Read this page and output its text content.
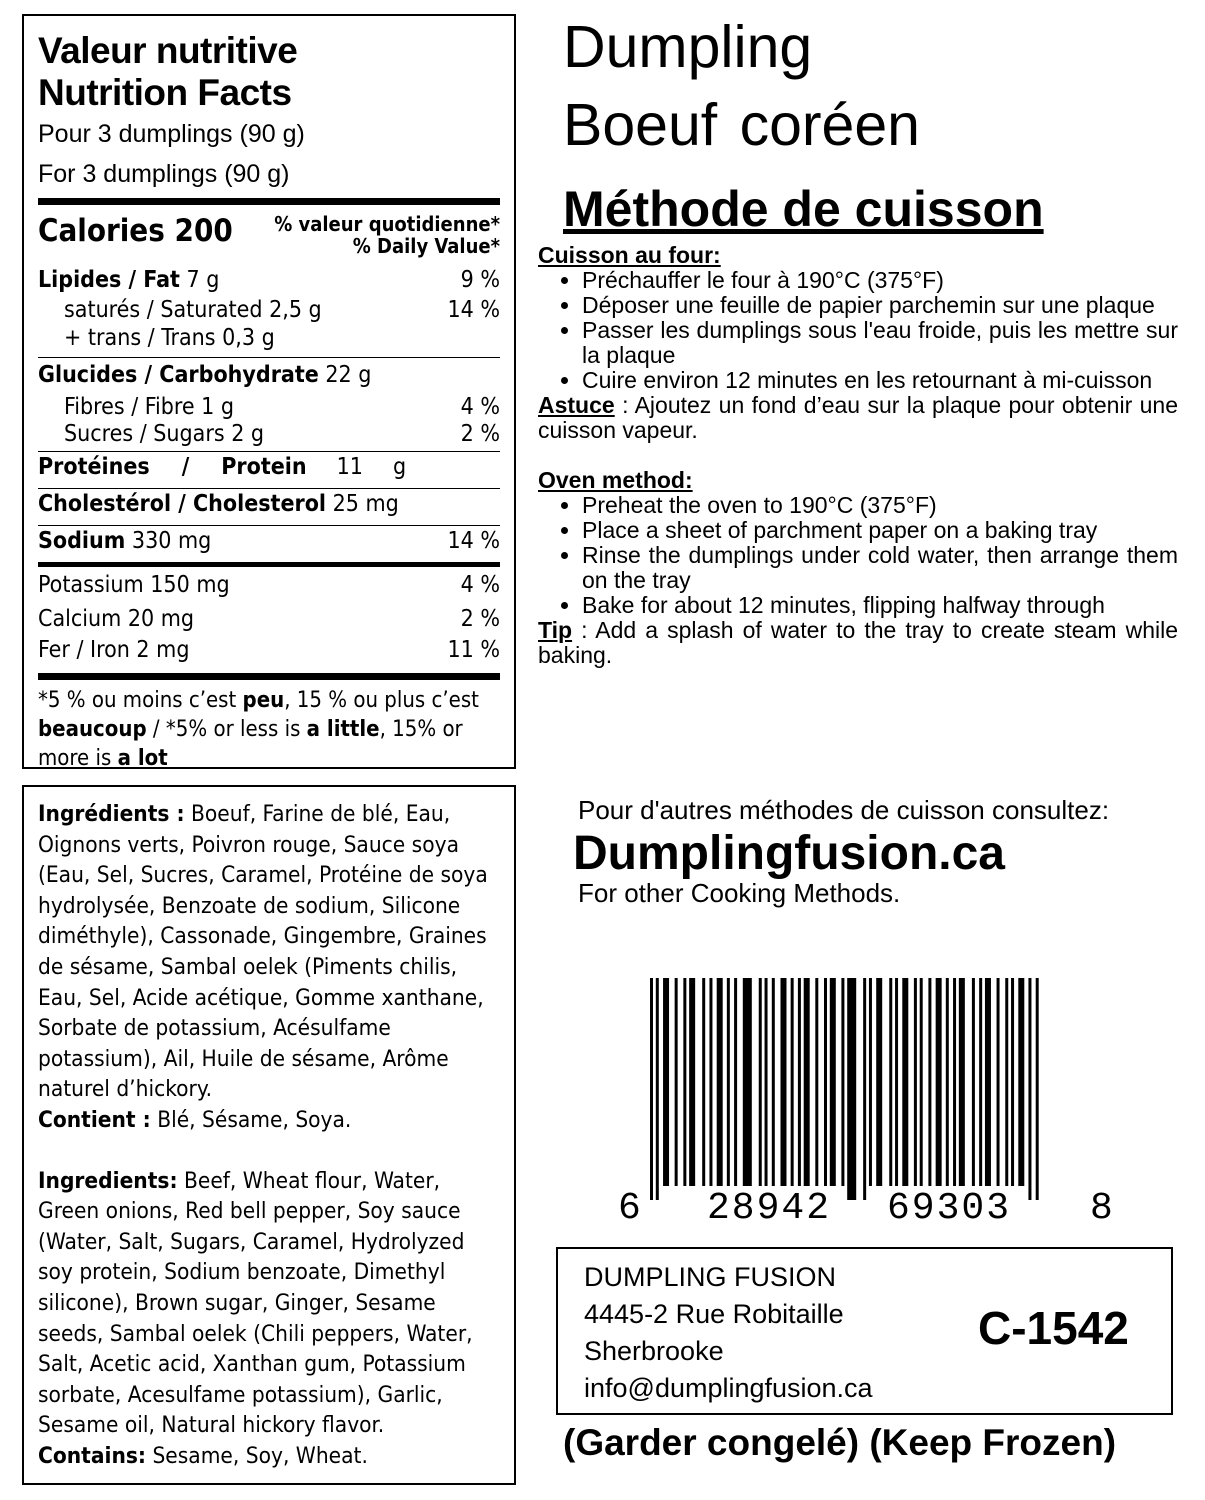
Valeur nutritive
Nutrition Facts
Pour 3 dumplings (90 g)
For 3 dumplings (90 g)
Calories 200 % valeur quotidienne*
% Daily Value*
Lipides / Fat 7 g	9 %
saturés / Saturated 2,5 g	14 %
+ trans / Trans 0,3 g
Glucides / Carbohydrate 22 g
Fibres / Fibre 1 g	4 %
Sucres / Sugars 2 g	2 %
Protéines / Protein 11 g
Cholestérol / Cholesterol 25 mg
Sodium 330 mg	14 %
Potassium 150 mg	4 %
Calcium 20 mg	2 %
Fer / Iron 2 mg	11 %
*5 % ou moins c’est peu, 15 % ou plus c’est
beaucoup / *5% or less is a little, 15% or
more is a lot
Ingrédients : Boeuf, Farine de blé, Eau, Oignons verts, Poivron rouge, Sauce soya (Eau, Sel, Sucres, Caramel, Protéine de soya hydrolysée, Benzoate de sodium, Silicone diméthyle), Cassonade, Gingembre, Graines de sésame, Sambal oelek (Piments chilis, Eau, Sel, Acide acétique, Gomme xanthane, Sorbate de potassium, Acésulfame potassium), Ail, Huile de sésame, Arôme naturel d’hickory.
Contient : Blé, Sésame, Soya.
Ingredients: Beef, Wheat flour, Water, Green onions, Red bell pepper, Soy sauce (Water, Salt, Sugars, Caramel, Hydrolyzed soy protein, Sodium benzoate, Dimethyl silicone), Brown sugar, Ginger, Sesame seeds, Sambal oelek (Chili peppers, Water, Salt, Acetic acid, Xanthan gum, Potassium sorbate, Acesulfame potassium), Garlic, Sesame oil, Natural hickory flavor.
Contains: Sesame, Soy, Wheat.
Dumpling
Boeuf coréen
Méthode de cuisson
Cuisson au four:
• Préchauffer le four à 190°C (375°F)
• Déposer une feuille de papier parchemin sur une plaque
• Passer les dumplings sous l'eau froide, puis les mettre sur la plaque
• Cuire environ 12 minutes en les retournant à mi-cuisson

Astuce : Ajoutez un fond d’eau sur la plaque pour obtenir une cuisson vapeur.

Oven method:
• Preheat the oven to 190°C (375°F)
• Place a sheet of parchment paper on a baking tray
• Rinse the dumplings under cold water, then arrange them on the tray
• Bake for about 12 minutes, flipping halfway through

Tip : Add a splash of water to the tray to create steam while baking.

Pour d'autres méthodes de cuisson consultez:
Dumplingfusion.ca
For other Cooking Methods.
6 28942 69303 8
DUMPLING FUSION
4445-2 Rue Robitaille
Sherbrooke
info@dumplingfusion.ca
C-1542
(Garder congelé) (Keep Frozen)
